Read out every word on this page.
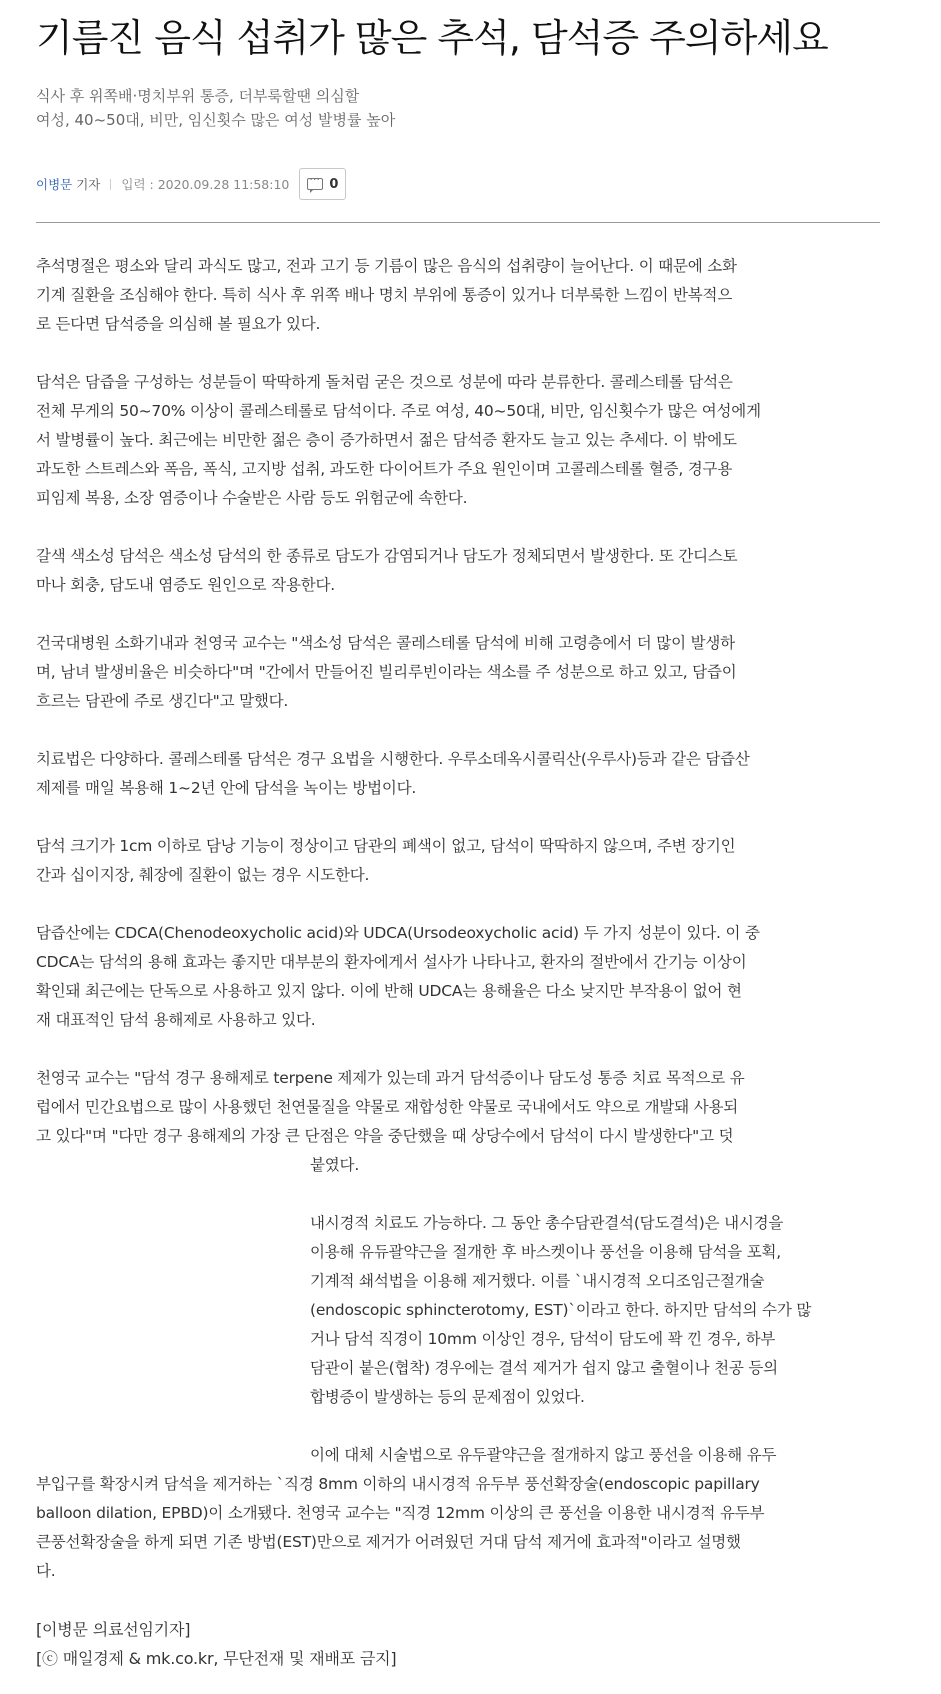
기름진 음식 섭취가 많은 추석, 담석증 주의하세요
식사 후 위쪽배·명치부위 통증, 더부룩할땐 의심할
여성, 40~50대, 비만, 임신횟수 많은 여성 발병률 높아
이병문 기자 입력 : 2020.09.28 11:58:10
···	0

추석명절은 평소와 달리 과식도 많고, 전과 고기 등 기름이 많은 음식의 섭취량이 늘어난다. 이 때문에 소화
기계 질환을 조심해야 한다. 특히 식사 후 위쪽 배나 명치 부위에 통증이 있거나 더부룩한 느낌이 반복적으
로 든다면 담석증을 의심해 볼 필요가 있다.

담석은 담즙을 구성하는 성분들이 딱딱하게 돌처럼 굳은 것으로 성분에 따라 분류한다. 콜레스테롤 담석은
전체 무게의 50~70% 이상이 콜레스테롤로 담석이다. 주로 여성, 40~50대, 비만, 임신횟수가 많은 여성에게
서 발병률이 높다. 최근에는 비만한 젊은 층이 증가하면서 젊은 담석증 환자도 늘고 있는 추세다. 이 밖에도
과도한 스트레스와 폭음, 폭식, 고지방 섭취, 과도한 다이어트가 주요 원인이며 고콜레스테롤 혈증, 경구용
피임제 복용, 소장 염증이나 수술받은 사람 등도 위험군에 속한다.

갈색 색소성 담석은 색소성 담석의 한 종류로 담도가 감염되거나 담도가 정체되면서 발생한다. 또 간디스토
마나 회충, 담도내 염증도 원인으로 작용한다.

건국대병원 소화기내과 천영국 교수는 "색소성 담석은 콜레스테롤 담석에 비해 고령층에서 더 많이 발생하
며, 남녀 발생비율은 비슷하다"며 "간에서 만들어진 빌리루빈이라는 색소를 주 성분으로 하고 있고, 담즙이
흐르는 담관에 주로 생긴다"고 말했다.

치료법은 다양하다. 콜레스테롤 담석은 경구 요법을 시행한다. 우루소데옥시콜릭산(우루사)등과 같은 담즙산
제제를 매일 복용해 1~2년 안에 담석을 녹이는 방법이다.

담석 크기가 1cm 이하로 담낭 기능이 정상이고 담관의 폐색이 없고, 담석이 딱딱하지 않으며, 주변 장기인
간과 십이지장, 췌장에 질환이 없는 경우 시도한다.

담즙산에는 CDCA(Chenodeoxycholic acid)와 UDCA(Ursodeoxycholic acid) 두 가지 성분이 있다. 이 중
CDCA는 담석의 용해 효과는 좋지만 대부분의 환자에게서 설사가 나타나고, 환자의 절반에서 간기능 이상이
확인돼 최근에는 단독으로 사용하고 있지 않다. 이에 반해 UDCA는 용해율은 다소 낮지만 부작용이 없어 현
재 대표적인 담석 용해제로 사용하고 있다.

천영국 교수는 "담석 경구 용해제로 terpene 제제가 있는데 과거 담석증이나 담도성 통증 치료 목적으로 유
럽에서 민간요법으로 많이 사용했던 천연물질을 약물로 재합성한 약물로 국내에서도 약으로 개발돼 사용되
고 있다"며 "다만 경구 용해제의 가장 큰 단점은 약을 중단했을 때 상당수에서 담석이 다시 발생한다"고 덧
붙였다.

내시경적 치료도 가능하다. 그 동안 총수담관결석(담도결석)은 내시경을
이용해 유듀괄약근을 절개한 후 바스켓이나 풍선을 이용해 담석을 포획,
기계적 쇄석법을 이용해 제거했다. 이를 `내시경적 오디조임근절개술
(endoscopic sphincterotomy, EST)`이라고 한다. 하지만 담석의 수가 많
거나 담석 직경이 10mm 이상인 경우, 담석이 담도에 꽉 낀 경우, 하부
담관이 붙은(협착) 경우에는 결석 제거가 쉽지 않고 출혈이나 천공 등의
합병증이 발생하는 등의 문제점이 있었다.

이에 대체 시술법으로 유두괄약근을 절개하지 않고 풍선을 이용해 유두
부입구를 확장시켜 담석을 제거하는 `직경 8mm 이하의 내시경적 유두부 풍선확장술(endoscopic papillary
balloon dilation, EPBD)이 소개됐다. 천영국 교수는 "직경 12mm 이상의 큰 풍선을 이용한 내시경적 유두부
큰풍선확장술을 하게 되면 기존 방법(EST)만으로 제거가 어려웠던 거대 담석 제거에 효과적"이라고 설명했
다.

[이병문 의료선임기자]
[ⓒ 매일경제 & mk.co.kr, 무단전재 및 재배포 금지]
